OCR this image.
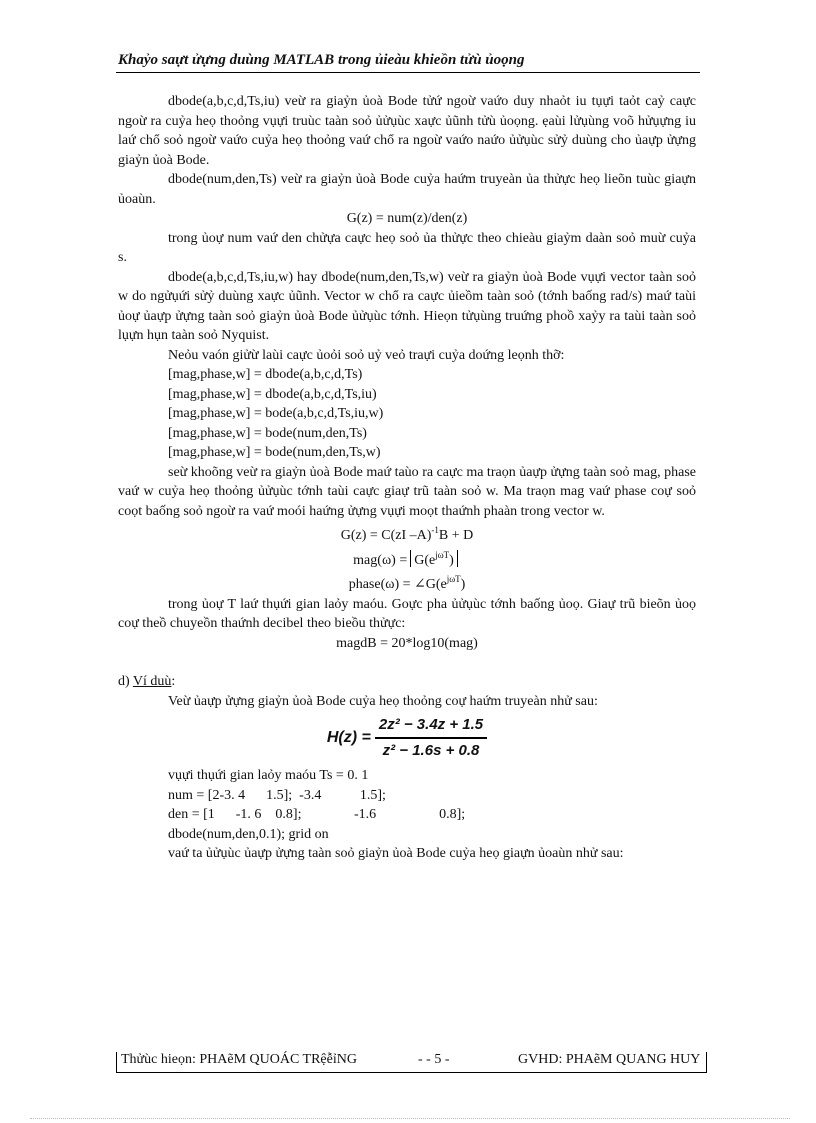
Khaỷo saựt ửựng duùng MATLAB trong ủieàu khieồn tửù ủoọng

dbode(a,b,c,d,Ts,iu) veừ ra giaỷn ủoà Bode tửứ ngoừ vaứo duy nhaỏt iu tụựi taỏt caỷ caực ngoừ ra cuỷa heọ thoỏng vụựi truùc taàn soỏ ủửụùc xaực ủũnh tửù ủoọng. ẹaùi lửụùng voõ hửụựng iu laứ chổ soỏ ngoừ vaứo cuỷa heọ thoỏng vaứ chổ ra ngoừ vaứo naứo ủửụùc sửỷ duùng cho ủaựp ửựng giaỷn ủoà Bode.

dbode(num,den,Ts) veừ ra giaỷn ủoà Bode cuỷa haứm truyeàn ủa thửực heọ lieõn tuùc giaựn ủoaùn.

G(z) = num(z)/den(z)

trong ủoự num vaứ den chửựa caực heọ soỏ ủa thửực theo chieàu giaỷm daàn soỏ muừ cuỷa s.

dbode(a,b,c,d,Ts,iu,w) hay dbode(num,den,Ts,w) veừ ra giaỷn ủoà Bode vụựi vector taàn soỏ w do ngửụứi sửỷ duùng xaực ủũnh. Vector w chổ ra caực ủieồm taàn soỏ (tớnh baống rad/s) maứ taùi ủoự ủaựp ửựng taàn soỏ giaỷn ủoà Bode ủửụùc tớnh. Hieọn tửụùng truứng phoồ xaỷy ra taùi taàn soỏ lụựn hụn taàn soỏ Nyquist.

Neỏu vaón giửừ laùi caực ủoỏi soỏ uỷ veỏ traựi cuỷa doứng leọnh thỡ:

[mag,phase,w] = dbode(a,b,c,d,Ts)

[mag,phase,w] = dbode(a,b,c,d,Ts,iu)

[mag,phase,w] = bode(a,b,c,d,Ts,iu,w)

[mag,phase,w] = bode(num,den,Ts)

[mag,phase,w] = bode(num,den,Ts,w)

seừ khoõng veừ ra giaỷn ủoà Bode maứ taùo ra caực ma traọn ủaựp ửựng taàn soỏ mag, phase vaứ w cuỷa heọ thoỏng ủửụùc tớnh taùi caực giaự trũ taàn soỏ w. Ma traọn mag vaứ phase coự soỏ coọt baống soỏ ngoừ ra vaứ moói haứng ửựng vụựi moọt thaứnh phaàn trong vector w.

G(z) = C(zI –A)$^{-1}$B + D

$mag(\omega) = G(e^{j\omega T})$

phase(ω) = $\angle G(e^{j\omega T})$

trong ủoự T laứ thụứi gian laỏy maóu. Goực pha ủửụùc tớnh baống ủoọ. Giaự trũ bieõn ủoọ coự theồ chuyeồn thaứnh decibel theo bieồu thửực:

magdB = 20*log10(mag)

d) Ví duù:

Veừ ủaựp ửựng giaỷn ủoà Bode cuỷa heọ thoỏng coự haứm truyeàn nhử sau:

$H(z) = \frac{\text{2z² − 3.4z + 1.5}}{\text{z² − 1.6s + 0.8}}$

vụựi thụứi gian laỏy maóu Ts = 0. 1

num = [2-3. 4      1.5];  -3.4           1.5];

den = [1      -1. 6    0.8];               -1.6                  0.8];

dbode(num,den,0.1); grid on

vaứ ta ủửụùc ủaựp ửựng taàn soỏ giaỷn ủoà Bode cuỷa heọ giaựn ủoaùn nhử sau:

Thửùc hieọn: PHAẽM QUOÁC TRệễỉNG	- - 5 -	GVHD: PHAẽM QUANG HUY
